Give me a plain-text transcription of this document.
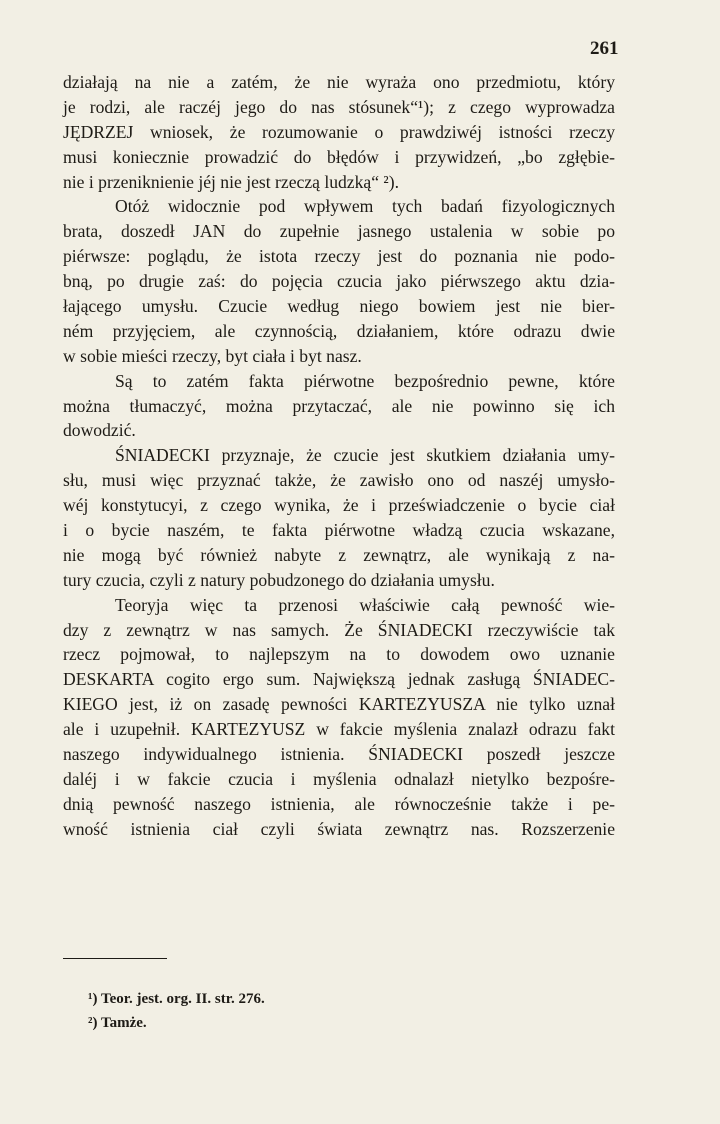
261
działają na nie a zatém, że nie wyraża ono przedmiotu, który
je rodzi, ale raczéj jego do nas stósunek“¹); z czego wyprowadza
JĘDRZEJ wniosek, że rozumowanie o prawdziwéj istności rzeczy
musi koniecznie prowadzić do błędów i przywidzeń, „bo zgłębie-
nie i przeniknienie jéj nie jest rzeczą ludzką“ ²).
Otóż widocznie pod wpływem tych badań fizyologicznych
brata, doszedł JAN do zupełnie jasnego ustalenia w sobie po
piérwsze: poglądu, że istota rzeczy jest do poznania nie podo-
bną, po drugie zaś: do pojęcia czucia jako piérwszego aktu dzia-
łającego umysłu. Czucie według niego bowiem jest nie bier-
ném przyjęciem, ale czynnością, działaniem, które odrazu dwie
w sobie mieści rzeczy, byt ciała i byt nasz.
Są to zatém fakta piérwotne bezpośrednio pewne, które
można tłumaczyć, można przytaczać, ale nie powinno się ich
dowodzić.
ŚNIADECKI przyznaje, że czucie jest skutkiem działania umy-
słu, musi więc przyznać także, że zawisło ono od naszéj umysło-
wéj konstytucyi, z czego wynika, że i przeświadczenie o bycie ciał
i o bycie naszém, te fakta piérwotne władzą czucia wskazane,
nie mogą być również nabyte z zewnątrz, ale wynikają z na-
tury czucia, czyli z natury pobudzonego do działania umysłu.
Teoryja więc ta przenosi właściwie całą pewność wie-
dzy z zewnątrz w nas samych. Że ŚNIADECKI rzeczywiście tak
rzecz pojmował, to najlepszym na to dowodem owo uznanie
DESKARTA cogito ergo sum. Największą jednak zasługą ŚNIADEC-
KIEGO jest, iż on zasadę pewności KARTEZYUSZA nie tylko uznał
ale i uzupełnił. KARTEZYUSZ w fakcie myślenia znalazł odrazu fakt
naszego indywidualnego istnienia. ŚNIADECKI poszedł jeszcze
daléj i w fakcie czucia i myślenia odnalazł nietylko bezpośre-
dnią pewność naszego istnienia, ale równocześnie także i pe-
wność istnienia ciał czyli świata zewnątrz nas. Rozszerzenie
¹) Teor. jest. org. II. str. 276.
²) Tamże.
